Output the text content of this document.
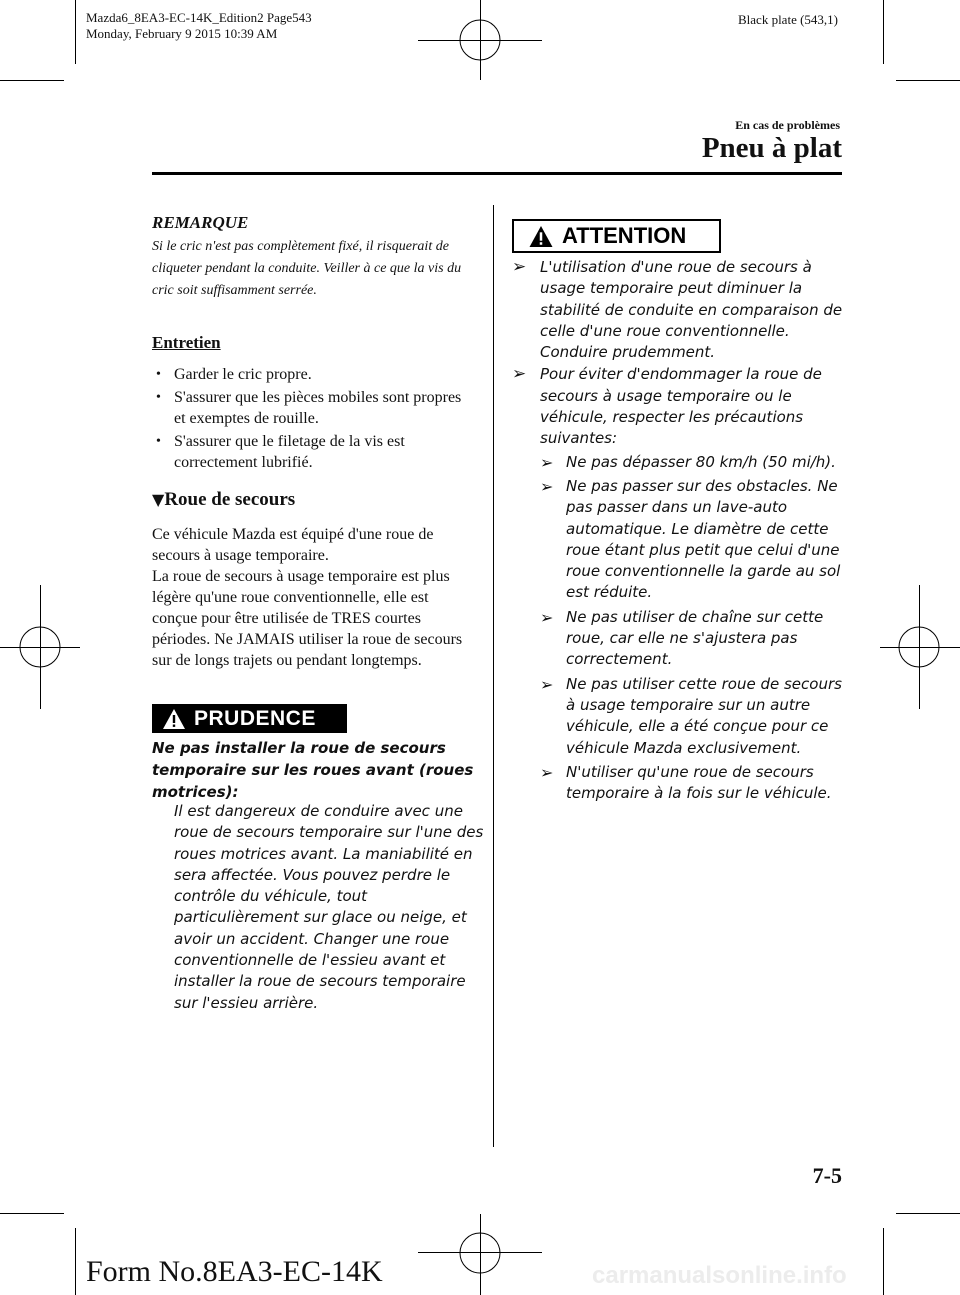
Mazda6_8EA3-EC-14K_Edition2 Page543
Monday, February 9 2015 10:39 AM
Black plate (543,1)
En cas de problèmes
Pneu à plat
REMARQUE
Si le cric n'est pas complètement fixé, il risquerait de cliqueter pendant la conduite. Veiller à ce que la vis du cric soit suffisamment serrée.
Entretien
• Garder le cric propre.
• S'assurer que les pièces mobiles sont propres et exemptes de rouille.
• S'assurer que le filetage de la vis est correctement lubrifié.
▼Roue de secours
Ce véhicule Mazda est équipé d'une roue de secours à usage temporaire.
La roue de secours à usage temporaire est plus légère qu'une roue conventionnelle, elle est conçue pour être utilisée de TRES courtes périodes. Ne JAMAIS utiliser la roue de secours sur de longs trajets ou pendant longtemps.
PRUDENCE
Ne pas installer la roue de secours temporaire sur les roues avant (roues motrices):
Il est dangereux de conduire avec une roue de secours temporaire sur l'une des roues motrices avant. La maniabilité en sera affectée. Vous pouvez perdre le contrôle du véhicule, tout particulièrement sur glace ou neige, et avoir un accident. Changer une roue conventionnelle de l'essieu avant et installer la roue de secours temporaire sur l'essieu arrière.
ATTENTION
➢ L'utilisation d'une roue de secours à usage temporaire peut diminuer la stabilité de conduite en comparaison de celle d'une roue conventionnelle. Conduire prudemment.
➢ Pour éviter d'endommager la roue de secours à usage temporaire ou le véhicule, respecter les précautions suivantes:
➢ Ne pas dépasser 80 km/h (50 mi/h).
➢ Ne pas passer sur des obstacles. Ne pas passer dans un lave-auto automatique. Le diamètre de cette roue étant plus petit que celui d'une roue conventionnelle la garde au sol est réduite.
➢ Ne pas utiliser de chaîne sur cette roue, car elle ne s'ajustera pas correctement.
➢ Ne pas utiliser cette roue de secours à usage temporaire sur un autre véhicule, elle a été conçue pour ce véhicule Mazda exclusivement.
➢ N'utiliser qu'une roue de secours temporaire à la fois sur le véhicule.
7-5
Form No.8EA3-EC-14K	carmanualsonline.info
